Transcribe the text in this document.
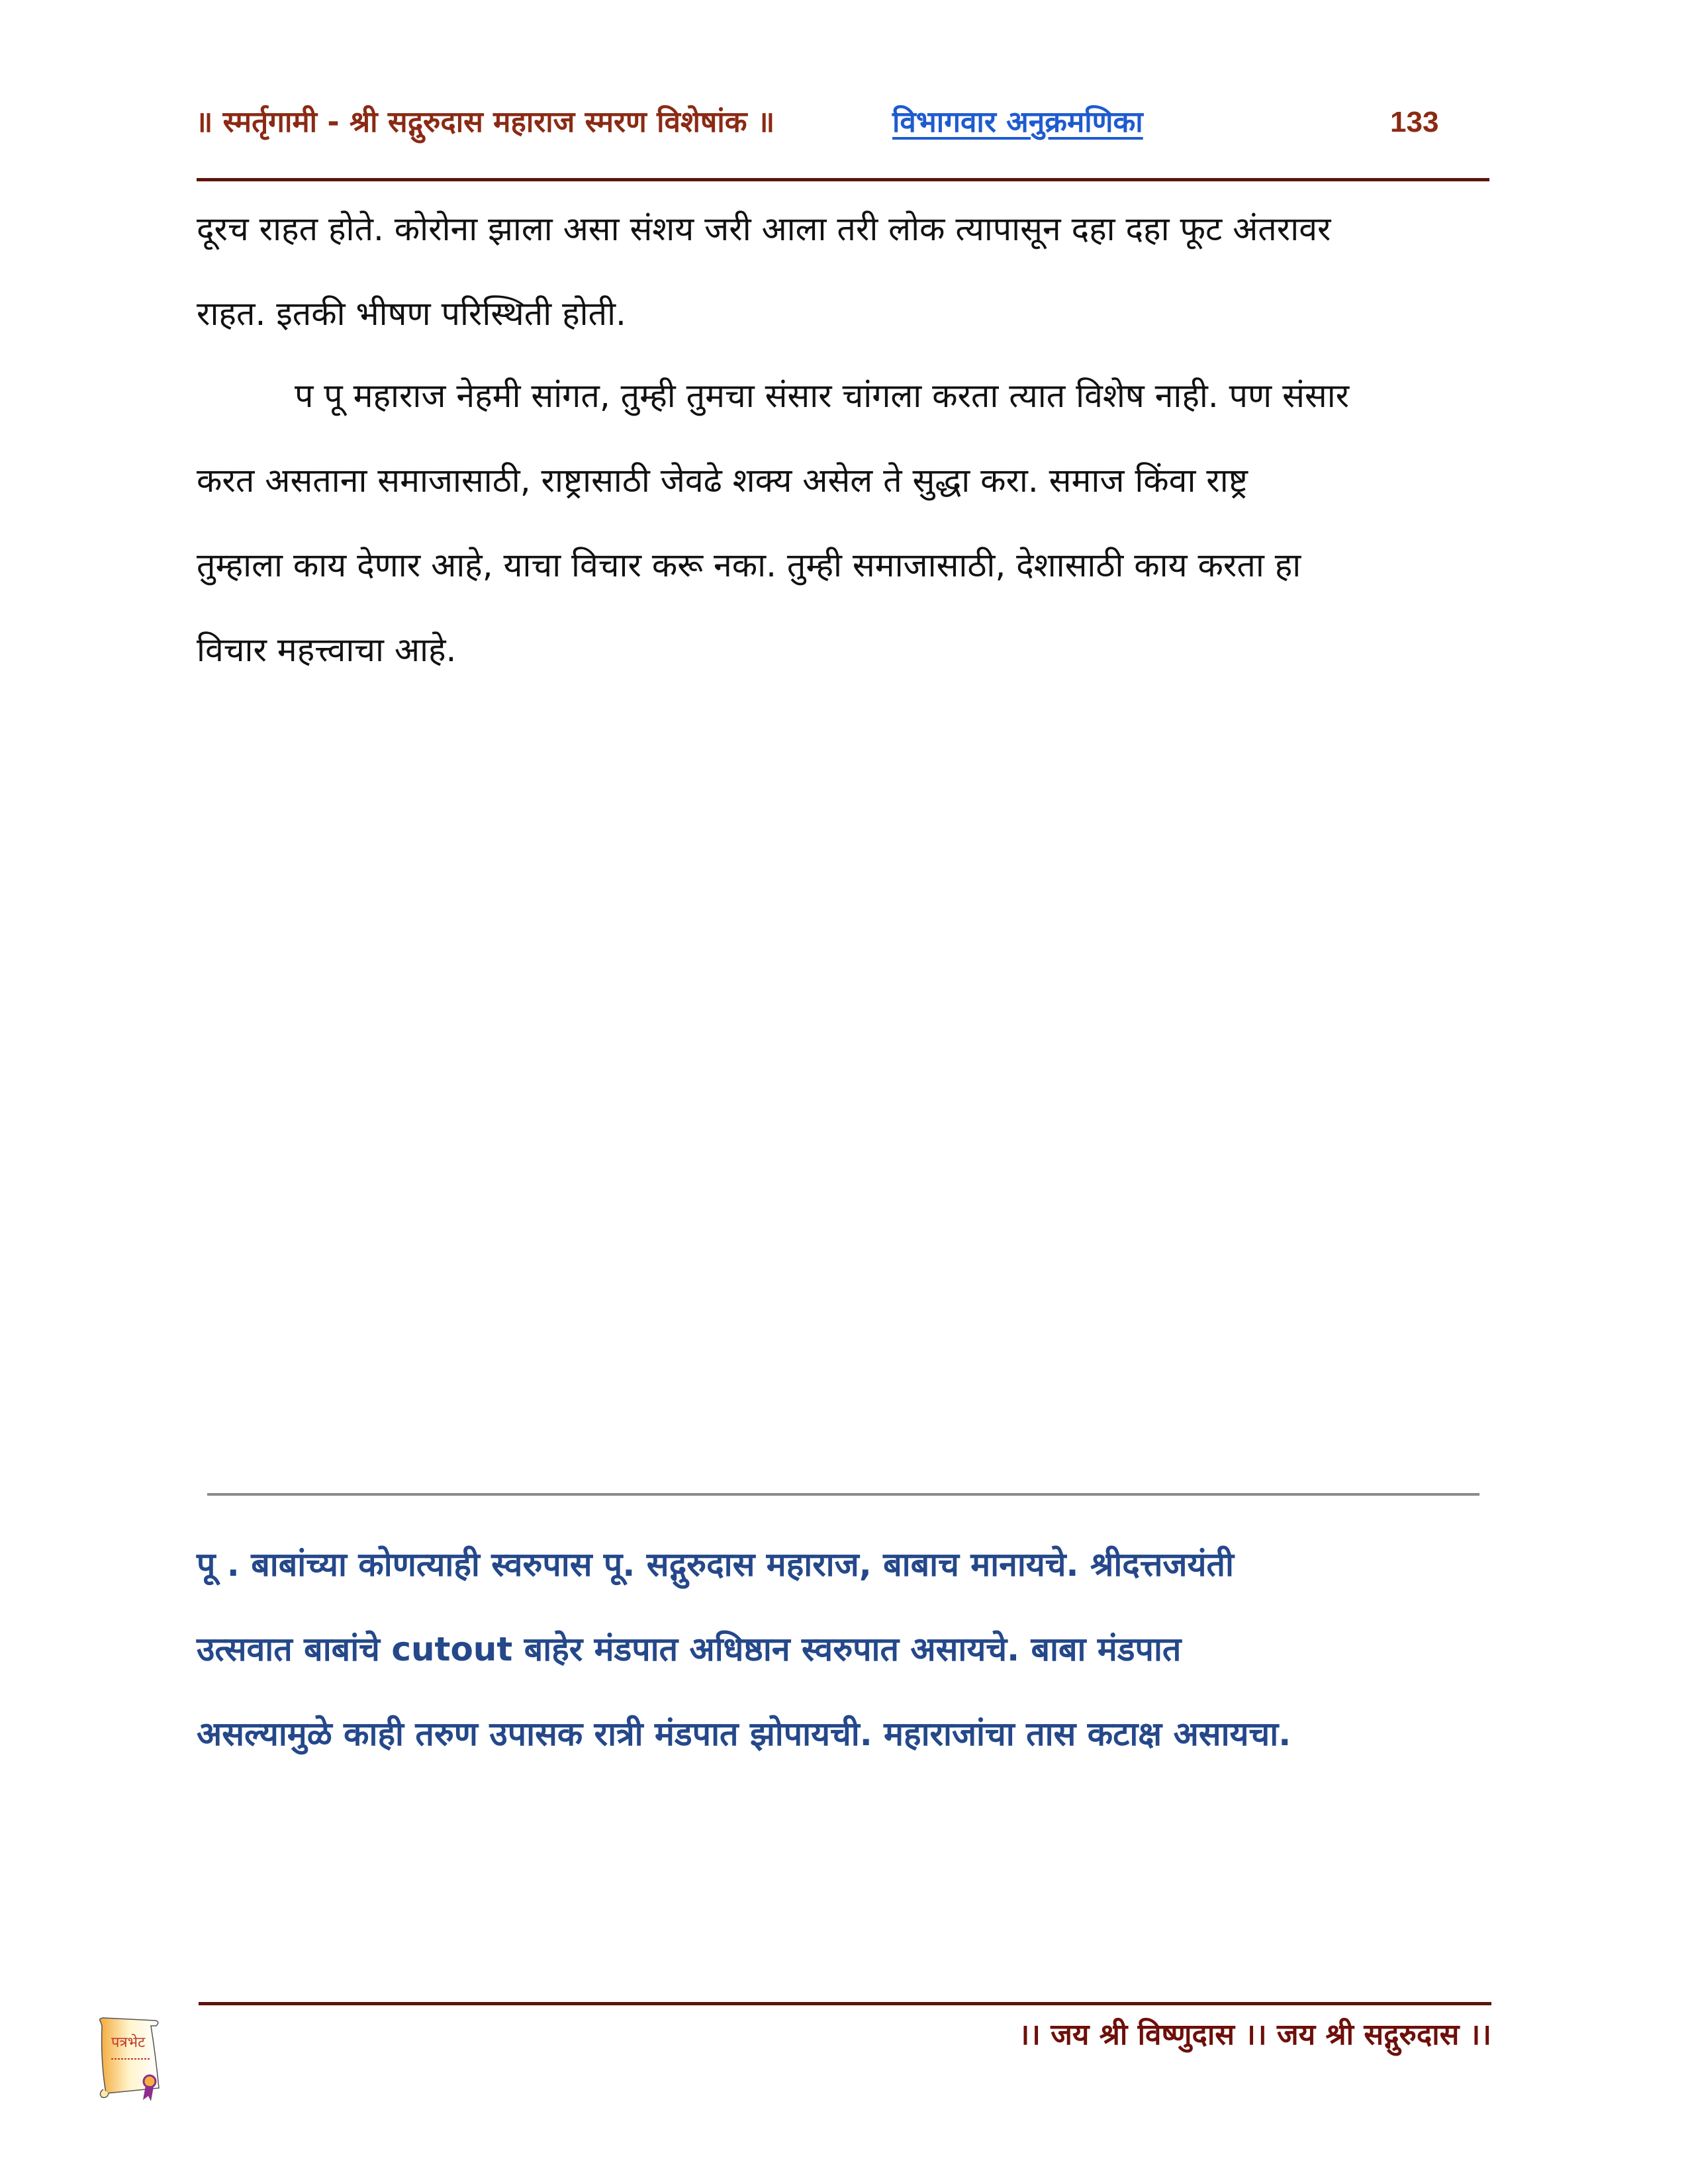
॥ स्मर्तृगामी - श्री सद्गुरुदास महाराज स्मरण विशेषांक ॥	विभागवार अनुक्रमणिका	133

दूरच राहत होते. कोरोना झाला असा संशय जरी आला तरी लोक त्यापासून दहा दहा फूट अंतरावर

राहत. इतकी भीषण परिस्थिती होती.

प पू महाराज नेहमी सांगत, तुम्ही तुमचा संसार चांगला करता त्यात विशेष नाही. पण संसार

करत असताना समाजासाठी, राष्ट्रासाठी जेवढे शक्य असेल ते सुद्धा करा. समाज किंवा राष्ट्र

तुम्हाला काय देणार आहे, याचा विचार करू नका. तुम्ही समाजासाठी, देशासाठी काय करता हा

विचार महत्त्वाचा आहे.

पू . बाबांच्या कोणत्याही स्वरुपास पू. सद्गुरुदास महाराज, बाबाच मानायचे. श्रीदत्तजयंती

उत्सवात बाबांचे cutout बाहेर मंडपात अधिष्ठान स्वरुपात असायचे. बाबा मंडपात

असल्यामुळे काही तरुण उपासक रात्री मंडपात झोपायची. महाराजांचा तास कटाक्ष असायचा.

पत्रभेट	।। जय श्री विष्णुदास ।। जय श्री सद्गुरुदास ।।
